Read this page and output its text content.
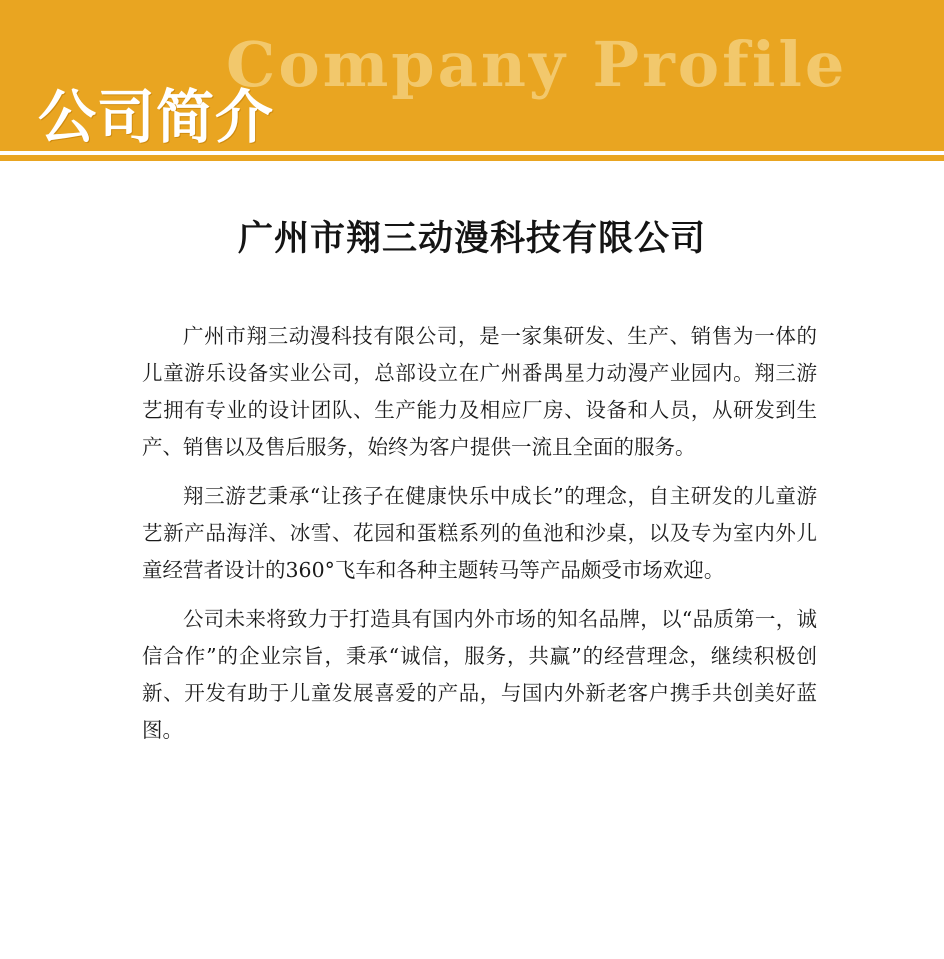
Company Profile
公司简介
广州市翔三动漫科技有限公司

广州市翔三动漫科技有限公司，是一家集研发、生产、销售为一体的儿童游乐设备实业公司，总部设立在广州番禺星力动漫产业园内。翔三游艺拥有专业的设计团队、生产能力及相应厂房、设备和人员，从研发到生产、销售以及售后服务，始终为客户提供一流且全面的服务。

翔三游艺秉承“让孩子在健康快乐中成长”的理念，自主研发的儿童游艺新产品海洋、冰雪、花园和蛋糕系列的鱼池和沙桌，以及专为室内外儿童经营者设计的360°飞车和各种主题转马等产品颇受市场欢迎。

公司未来将致力于打造具有国内外市场的知名品牌，以“品质第一，诚信合作”的企业宗旨，秉承“诚信，服务，共赢”的经营理念，继续积极创新、开发有助于儿童发展喜爱的产品，与国内外新老客户携手共创美好蓝图。
